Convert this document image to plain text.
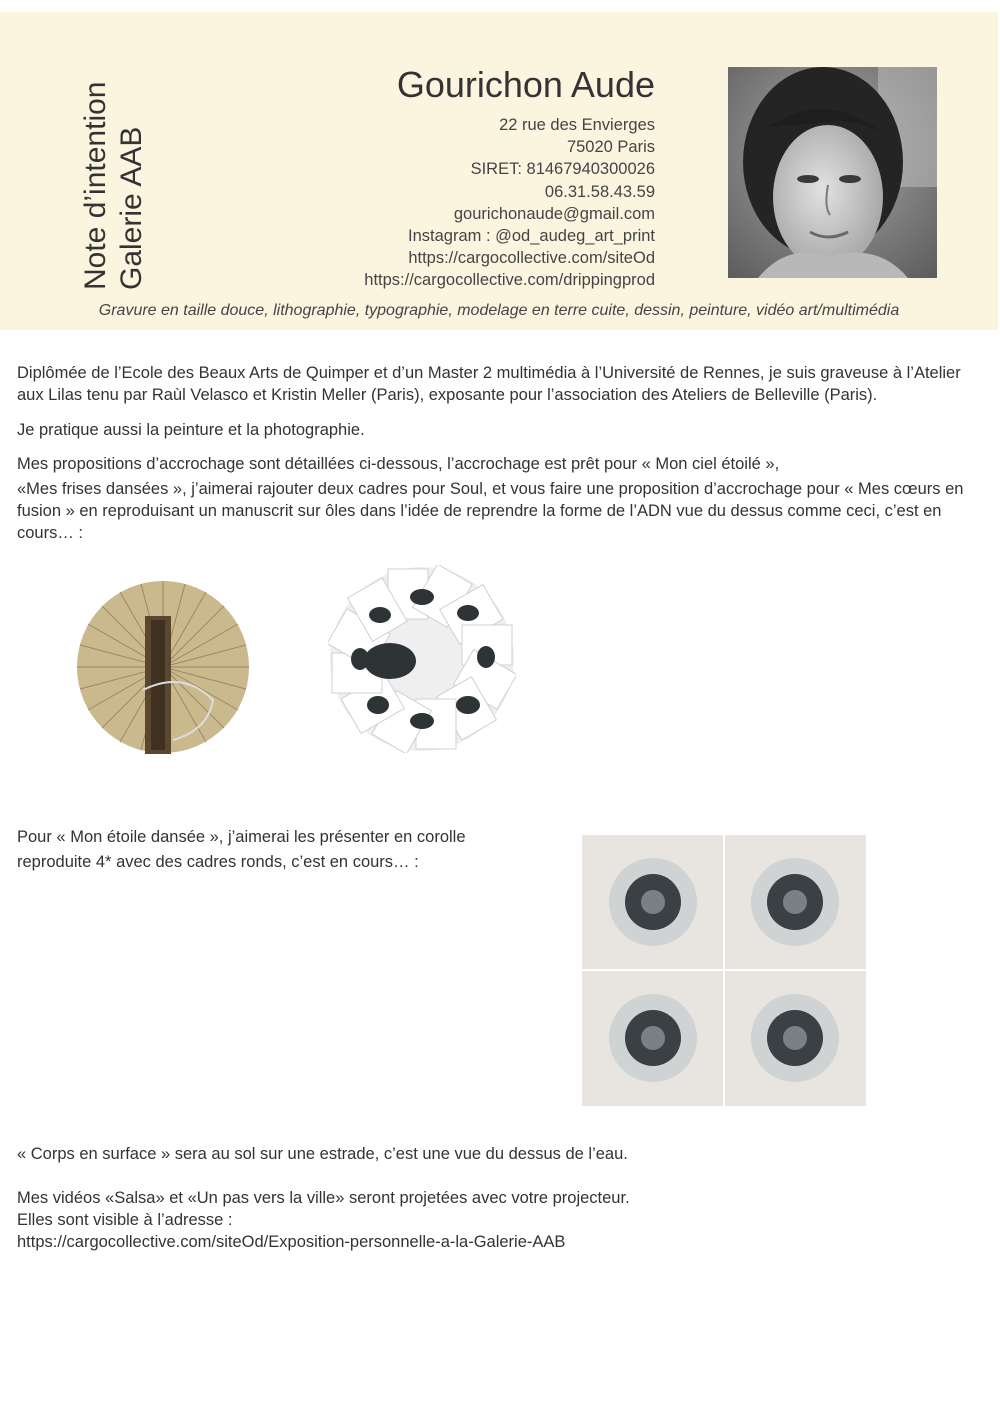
Note d’intention Galerie AAB
Gourichon Aude
22 rue des Envierges
75020 Paris
SIRET: 81467940300026
06.31.58.43.59
gourichonaude@gmail.com
Instagram : @od_audeg_art_print
https://cargocollective.com/siteOd
https://cargocollective.com/drippingprod
Gravure en taille douce, lithographie, typographie, modelage en terre cuite, dessin, peinture, vidéo art/multimédia

Diplômée de l’Ecole des Beaux Arts de Quimper et d’un Master 2 multimédia à l’Université de Rennes, je suis graveuse à l’Atelier aux Lilas tenu par Raùl Velasco et Kristin Meller (Paris), exposante pour l’association des Ateliers de Belleville (Paris).

Je pratique aussi la peinture et la photographie.

Mes propositions d’accrochage sont détaillées ci-dessous, l’accrochage est prêt pour « Mon ciel étoilé »,

«Mes frises dansées », j’aimerai rajouter deux cadres pour Soul, et vous faire une proposition d’accrochage pour « Mes cœurs en fusion » en reproduisant un manuscrit sur ôles dans l’idée de reprendre la forme de l’ADN vue du dessus comme ceci, c’est en cours… :

Pour « Mon étoile dansée », j’aimerai les présenter en corolle

reproduite 4* avec des cadres ronds, c’est en cours… :

« Corps en surface » sera au sol sur une estrade, c’est une vue du dessus de l’eau.

Mes vidéos «Salsa» et «Un pas vers la ville» seront projetées avec votre projecteur.

Elles sont visible à l’adresse :

https://cargocollective.com/siteOd/Exposition-personnelle-a-la-Galerie-AAB
